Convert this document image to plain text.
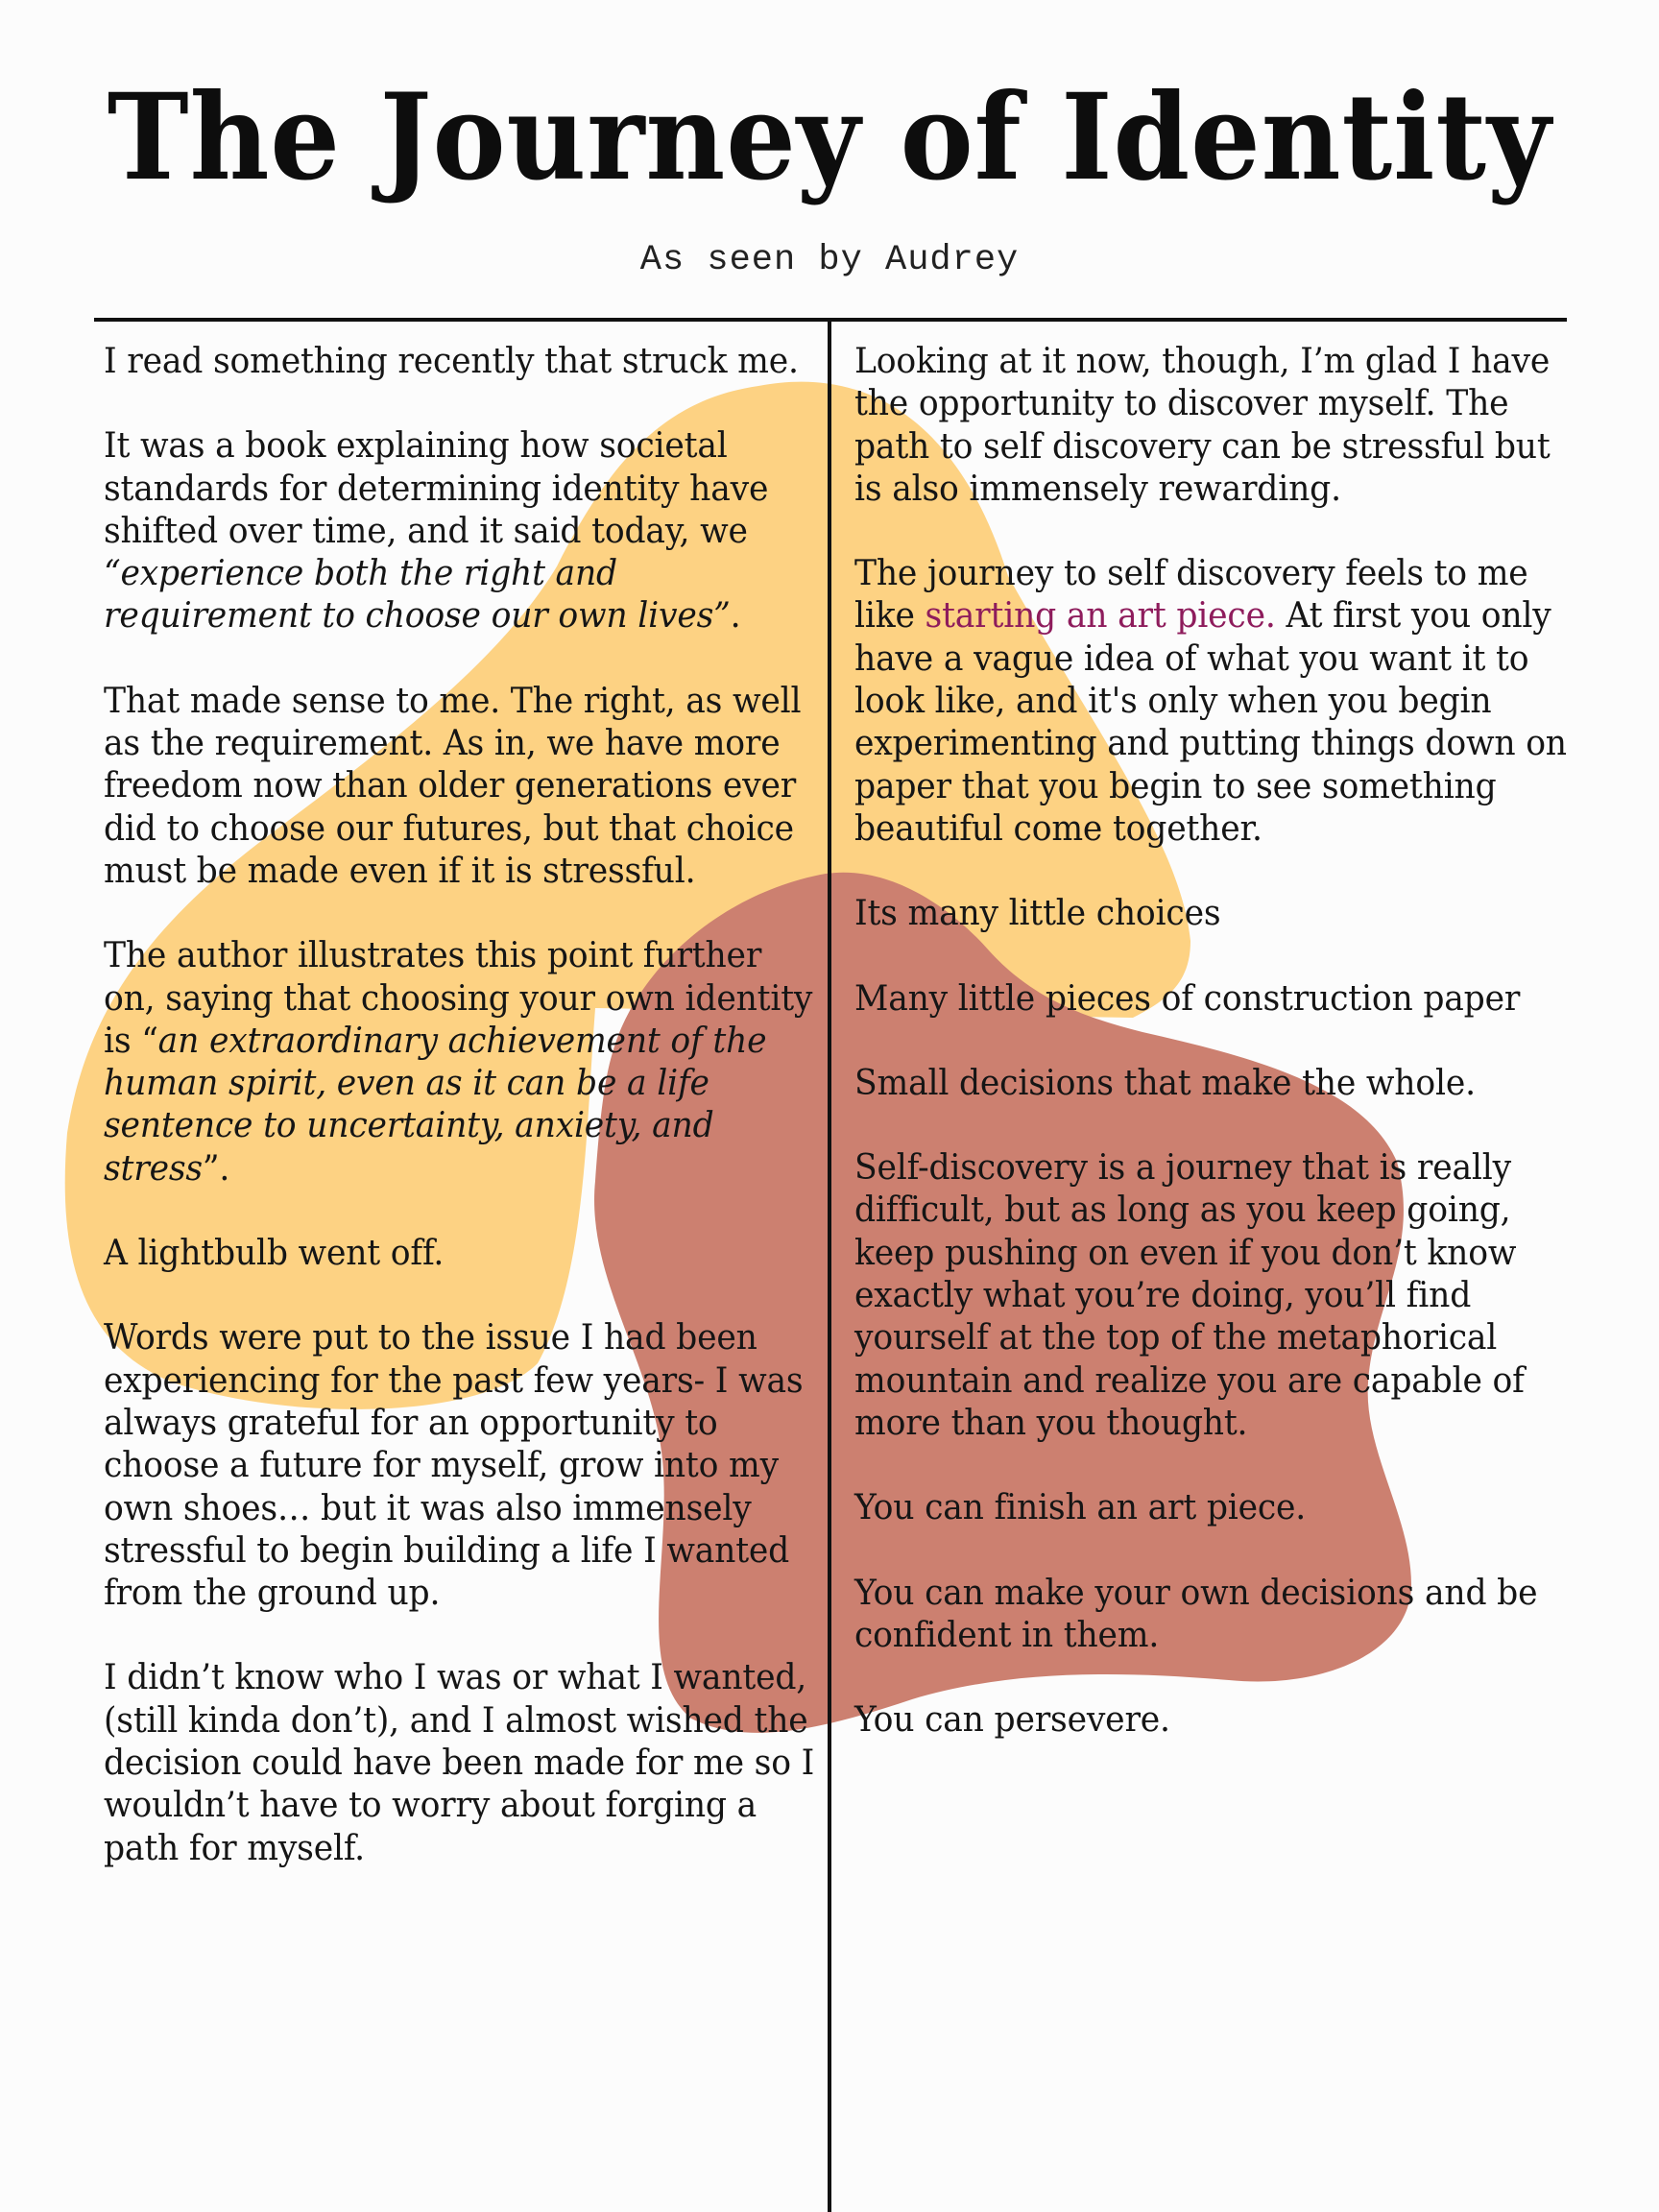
The Journey of Identity
As seen by Audrey

I read something recently that struck me.

It was a book explaining how societal standards for determining identity have shifted over time, and it said today, we “experience both the right and requirement to choose our own lives”.

That made sense to me. The right, as well as the requirement. As in, we have more freedom now than older generations ever did to choose our futures, but that choice must be made even if it is stressful.

The author illustrates this point further on, saying that choosing your own identity is “an extraordinary achievement of the human spirit, even as it can be a life sentence to uncertainty, anxiety, and stress”.

A lightbulb went off.

Words were put to the issue I had been experiencing for the past few years- I was always grateful for an opportunity to choose a future for myself, grow into my own shoes… but it was also immensely stressful to begin building a life I wanted from the ground up.

I didn’t know who I was or what I wanted, (still kinda don’t), and I almost wished the decision could have been made for me so I wouldn’t have to worry about forging a path for myself.

Looking at it now, though, I’m glad I have the opportunity to discover myself. The path to self discovery can be stressful but is also immensely rewarding.

The journey to self discovery feels to me like starting an art piece. At first you only have a vague idea of what you want it to look like, and it's only when you begin experimenting and putting things down on paper that you begin to see something beautiful come together.

Its many little choices

Many little pieces of construction paper

Small decisions that make the whole.

Self-discovery is a journey that is really difficult, but as long as you keep going, keep pushing on even if you don’t know exactly what you’re doing, you’ll find yourself at the top of the metaphorical mountain and realize you are capable of more than you thought.

You can finish an art piece.

You can make your own decisions and be confident in them.

You can persevere.
